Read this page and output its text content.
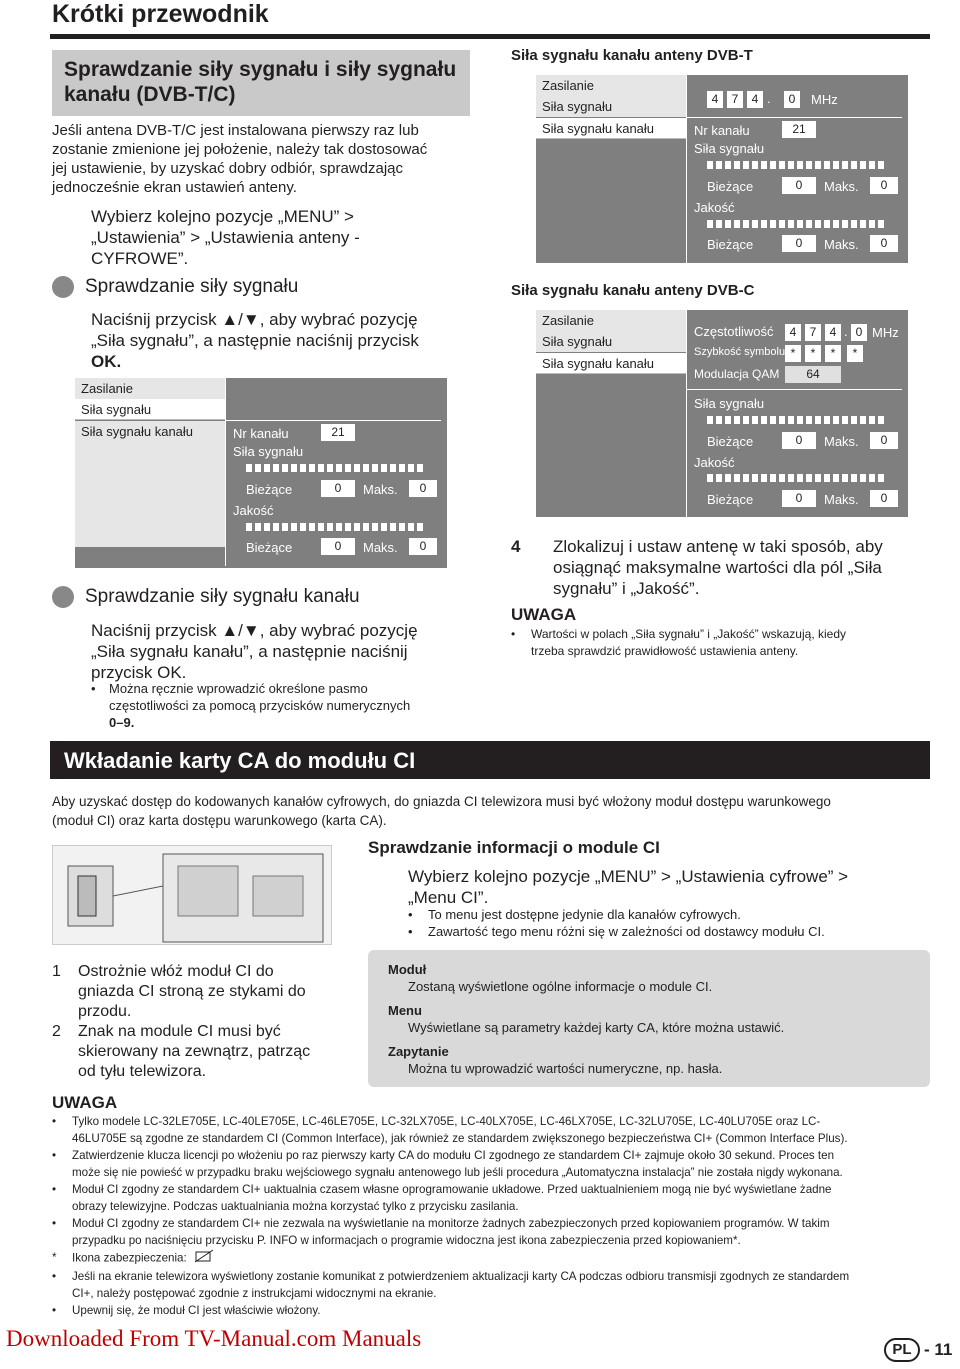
Krótki przewodnik
Sprawdzanie siły sygnału i siły sygnału kanału (DVB-T/C)
Jeśli antena DVB-T/C jest instalowana pierwszy raz lub
zostanie zmienione jej położenie, należy tak dostosować
jej ustawienie, by uzyskać dobry odbiór, sprawdzając
jednocześnie ekran ustawień anteny.
Wybierz kolejno pozycje „MENU” >
„Ustawienia” > „Ustawienia anteny -
CYFROWE”.
Sprawdzanie siły sygnału
Naciśnij przycisk ▲/▼, aby wybrać pozycję
„Siła sygnału”, a następnie naciśnij przycisk
OK.
Zasilanie
Siła sygnału
Siła sygnału kanału	Nr kanału	21
Siła sygnału
Bieżące	0	Maks.	0
Jakość
Bieżące	0	Maks.	0
Sprawdzanie siły sygnału kanału
Naciśnij przycisk ▲/▼, aby wybrać pozycję
„Siła sygnału kanału”, a następnie naciśnij
przycisk OK.
• Można ręcznie wprowadzić określone pasmo
częstotliwości za pomocą przycisków numerycznych
0–9.
Siła sygnału kanału anteny DVB-T
Zasilanie
Siła sygnału
Siła sygnału kanału
4	7	4 .	0	MHz
Nr kanału	21
Siła sygnału
Bieżące	0	Maks.	0
Jakość
Bieżące	0	Maks.	0
Siła sygnału kanału anteny DVB-C
Zasilanie
Siła sygnału
Siła sygnału kanału
Częstotliwość	4	7	4 . 0 MHz
Szybkość symbolu *	*	*	*
Modulacja QAM	64
Siła sygnału
Bieżące	0	Maks.	0
Jakość
Bieżące	0	Maks.	0
4 Zlokalizuj i ustaw antenę w taki sposób, aby
osiągnąć maksymalne wartości dla pól „Siła
sygnału” i „Jakość”.
UWAGA
• Wartości w polach „Siła sygnału” i „Jakość” wskazują, kiedy
trzeba sprawdzić prawidłowość ustawienia anteny.
Wkładanie karty CA do modułu CI
Aby uzyskać dostęp do kodowanych kanałów cyfrowych, do gniazda CI telewizora musi być włożony moduł dostępu warunkowego
(moduł CI) oraz karta dostępu warunkowego (karta CA).
Sprawdzanie informacji o module CI
Wybierz kolejno pozycje „MENU” > „Ustawienia cyfrowe” >
„Menu CI”.
• To menu jest dostępne jedynie dla kanałów cyfrowych.
• Zawartość tego menu różni się w zależności od dostawcy modułu CI.
1 Ostrożnie włóż moduł CI do
gniazda CI stroną ze stykami do
przodu.
2 Znak na module CI musi być
skierowany na zewnątrz, patrząc
od tyłu telewizora.
Moduł
Zostaną wyświetlone ogólne informacje o module CI.
Menu
Wyświetlane są parametry każdej karty CA, które można ustawić.
Zapytanie
Można tu wprowadzić wartości numeryczne, np. hasła.
UWAGA
• Tylko modele LC-32LE705E, LC-40LE705E, LC-46LE705E, LC-32LX705E, LC-40LX705E, LC-46LX705E, LC-32LU705E, LC-40LU705E oraz LC-
46LU705E są zgodne ze standardem CI (Common Interface), jak również ze standardem zwiększonego bezpieczeństwa CI+ (Common Interface Plus).
• Zatwierdzenie klucza licencji po włożeniu po raz pierwszy karty CA do modułu CI zgodnego ze standardem CI+ zajmuje około 30 sekund. Proces ten
może się nie powieść w przypadku braku wejściowego sygnału antenowego lub jeśli procedura „Automatyczna instalacja” nie została nigdy wykonana.
• Moduł CI zgodny ze standardem CI+ uaktualnia czasem własne oprogramowanie układowe. Przed uaktualnieniem mogą nie być wyświetlane żadne
obrazy telewizyjne. Podczas uaktualniania można korzystać tylko z przycisku zasilania.
• Moduł CI zgodny ze standardem CI+ nie zezwala na wyświetlanie na monitorze żadnych zabezpieczonych przed kopiowaniem programów. W takim
przypadku po naciśnięciu przycisku P. INFO w informacjach o programie widoczna jest ikona zabezpieczenia przed kopiowaniem*.
* Ikona zabezpieczenia:
• Jeśli na ekranie telewizora wyświetlony zostanie komunikat z potwierdzeniem aktualizacji karty CA podczas odbioru transmisji zgodnych ze standardem
CI+, należy postępować zgodnie z instrukcjami widocznymi na ekranie.
• Upewnij się, że moduł CI jest właściwie włożony.
Downloaded From TV-Manual.com Manuals	PL - 11
